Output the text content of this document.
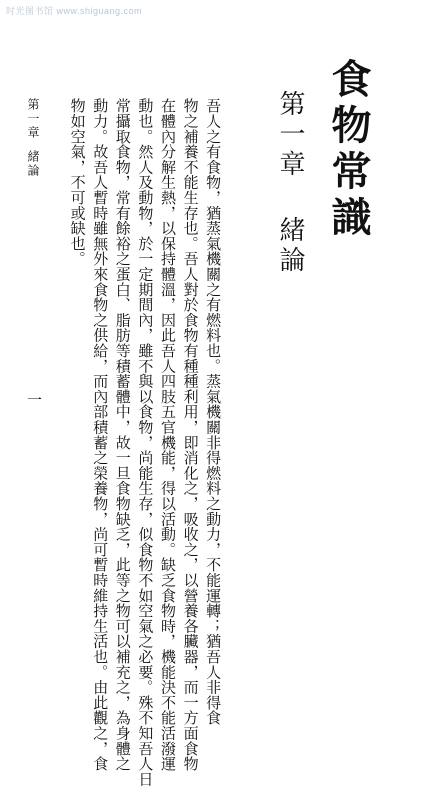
时光图书馆 www.shiguang.com
食物常識
第一章緒論
吾人之有食物，猶蒸氣機關之有燃料也。蒸氣機關非得燃料之動力，不能運轉；猶吾人非得食
物之補養不能生存也。吾人對於食物有種種利用，即消化之，吸收之，以營養各臟器，而一方面食物
在體內分解生熱，以保持體溫，因此吾人四肢五官機能，得以活動。缺乏食物時，機能決不能活潑運
動也。然人及動物，於一定期間內，雖不與以食物，尚能生存，似食物不如空氣之必要。殊不知吾人日
常攝取食物，常有餘裕之蛋白、脂肪等積蓄體中，故一旦食物缺乏，此等之物可以補充之，為身體之
動力。故吾人暫時雖無外來食物之供給，而內部積蓄之榮養物，尚可暫時維持生活也。由此觀之，食
物如空氣，不可或缺也。
第一章緒論
一
